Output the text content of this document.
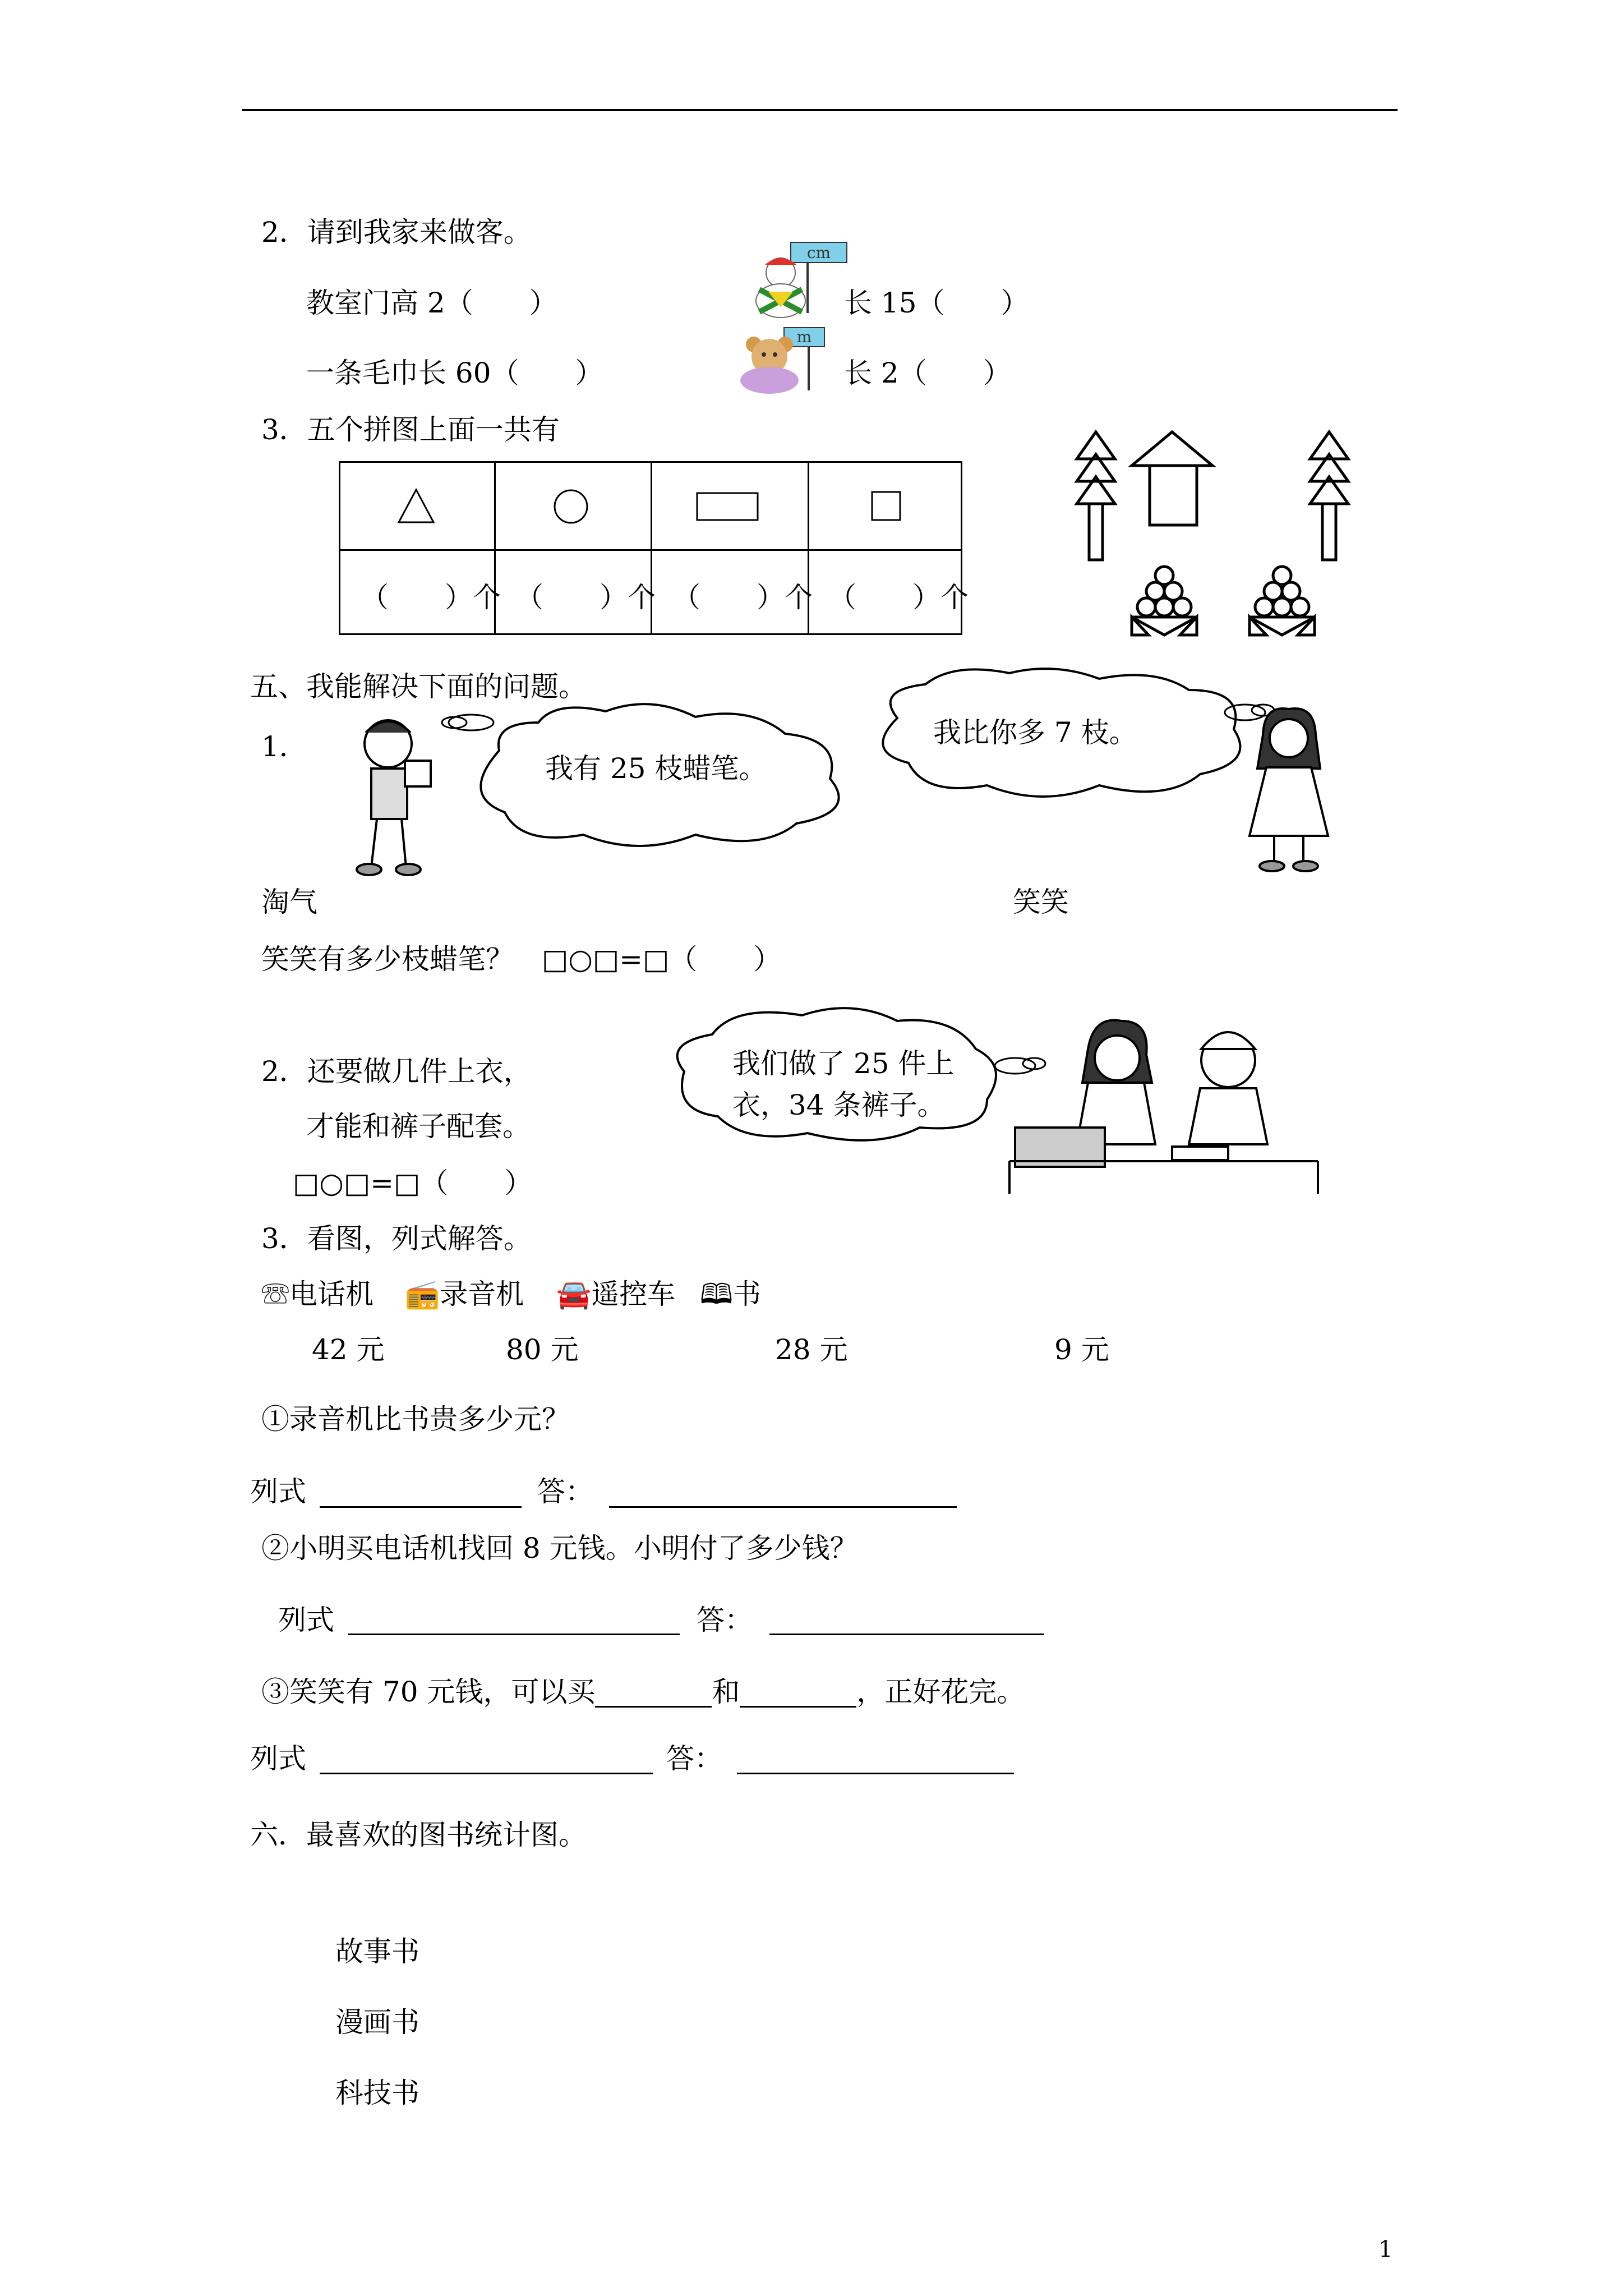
2．请到我家来做客。
教室门高 2（　　）	长 15（　　）
一条毛巾长 60（　　）	长 2（　　）
cm
m
3．五个拼图上面一共有
（　　）个 （　　）个 （　　）个 （　　）个
五、我能解决下面的问题。
1．
我有 25 枝蜡笔。
我比你多 7 枝。
淘气	笑笑
笑笑有多少枝蜡笔？　□○□=□（　　）
2．还要做几件上衣，
才能和裤子配套。
□○□=□（　　）
我们做了 25 件上
衣，34 条裤子。
3．看图，列式解答。
☏电话机 📻录音机 🚘遥控车 🕮书
42 元	80 元	28 元	9 元
①录音机比书贵多少元？
列式	答：
②小明买电话机找回 8 元钱。小明付了多少钱？
列式	答：
③笑笑有 70 元钱，可以买	和	，正好花完。
列式	答：
六．最喜欢的图书统计图。
故事书
漫画书
科技书
1
